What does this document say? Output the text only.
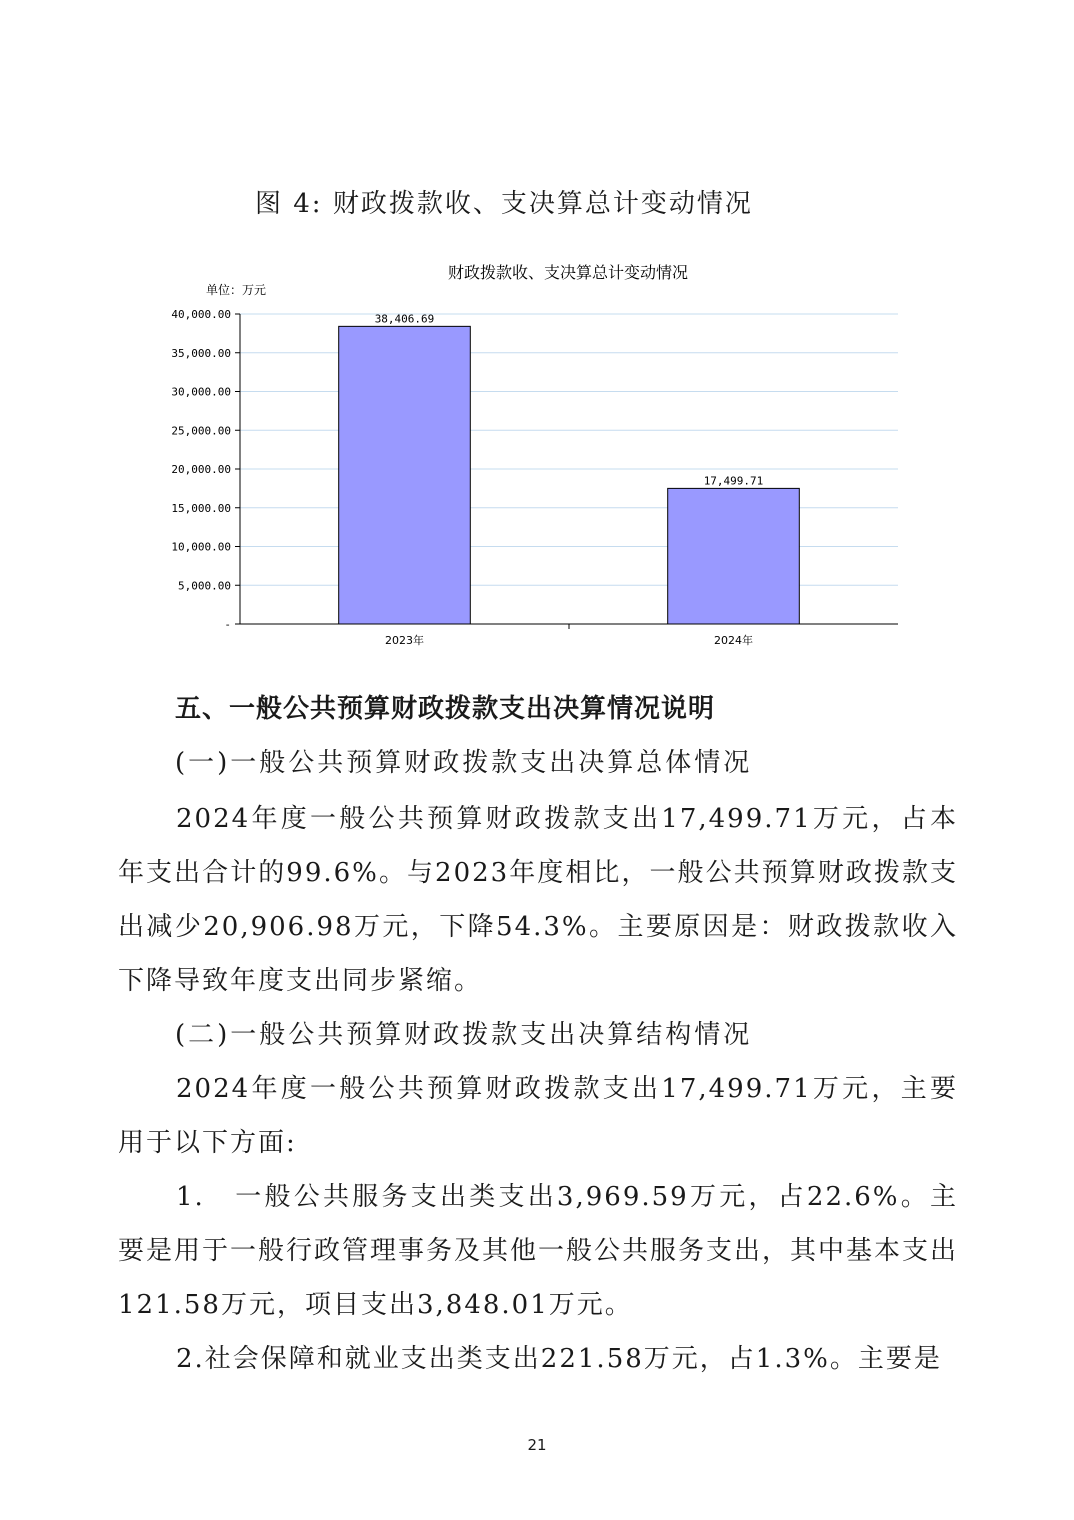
图 4: 财政拨款收、支决算总计变动情况
财政拨款收、支决算总计变动情况
单位：万元
38,406.69
17,499.71
-
5,000.00
10,000.00
15,000.00
20,000.00
25,000.00
30,000.00
35,000.00
40,000.00
2023年	2024年
五、一般公共预算财政拨款支出决算情况说明
(一)一般公共预算财政拨款支出决算总体情况

2024年度一般公共预算财政拨款支出17,499.71万元，占本年支出合计的99.6%。与2023年度相比，一般公共预算财政拨款支出减少20,906.98万元，下降54.3%。主要原因是：财政拨款收入下降导致年度支出同步紧缩。

(二)一般公共预算财政拨款支出决算结构情况

2024年度一般公共预算财政拨款支出17,499.71万元，主要用于以下方面:

1.　一般公共服务支出类支出3,969.59万元，占22.6%。主要是用于一般行政管理事务及其他一般公共服务支出，其中基本支出121.58万元，项目支出3,848.01万元。

2.社会保障和就业支出类支出221.58万元，占1.3%。主要是

21
